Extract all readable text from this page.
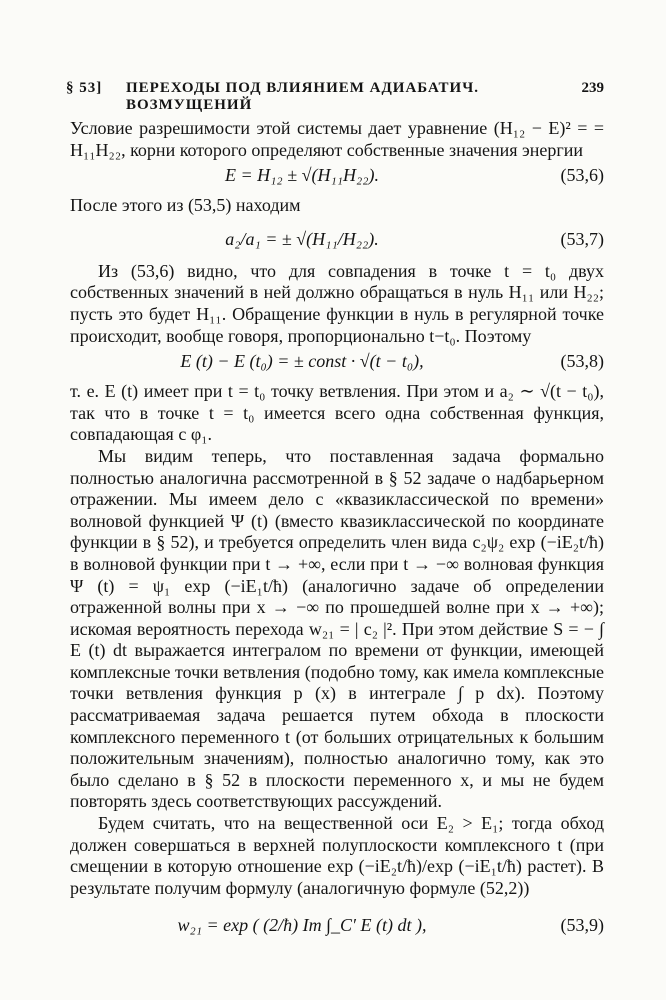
§ 53] ПЕРЕХОДЫ ПОД ВЛИЯНИЕМ АДИАБАТИЧ. ВОЗМУЩЕНИЙ
239

Условие разрешимости этой системы дает уравнение (H₁₂ − E)² = = H₁₁H₂₂, корни которого определяют собственные значения энергии

E = H₁₂ ± √(H₁₁H₂₂).	(53,6)

После этого из (53,5) находим

a₂/a₁ = ± √(H₁₁/H₂₂).	(53,7)

Из (53,6) видно, что для совпадения в точке t = t₀ двух собственных значений в ней должно обращаться в нуль H₁₁ или H₂₂; пусть это будет H₁₁. Обращение функции в нуль в регулярной точке происходит, вообще говоря, пропорционально t−t₀. Поэтому

E (t) − E (t₀) = ± const · √(t − t₀),	(53,8)

т. е. E (t) имеет при t = t₀ точку ветвления. При этом и a₂ ∼ √(t − t₀), так что в точке t = t₀ имеется всего одна собственная функция, совпадающая с φ₁.

Мы видим теперь, что поставленная задача формально полностью аналогична рассмотренной в § 52 задаче о надбарьерном отражении. Мы имеем дело с «квазиклассической по времени» волновой функцией Ψ (t) (вместо квазиклассической по координате функции в § 52), и требуется определить член вида c₂ψ₂ exp (−iE₂t/ħ) в волновой функции при t → +∞, если при t → −∞ волновая функция Ψ (t) = ψ₁ exp (−iE₁t/ħ) (аналогично задаче об определении отраженной волны при x → −∞ по прошедшей волне при x → +∞); искомая вероятность перехода w₂₁ = | c₂ |². При этом действие S = − ∫ E (t) dt выражается интегралом по времени от функции, имеющей комплексные точки ветвления (подобно тому, как имела комплексные точки ветвления функция p (x) в интеграле ∫ p dx). Поэтому рассматриваемая задача решается путем обхода в плоскости комплексного переменного t (от больших отрицательных к большим положительным значениям), полностью аналогично тому, как это было сделано в § 52 в плоскости переменного x, и мы не будем повторять здесь соответствующих рассуждений.

Будем считать, что на вещественной оси E₂ > E₁; тогда обход должен совершаться в верхней полуплоскости комплексного t (при смещении в которую отношение exp (−iE₂t/ħ)/exp (−iE₁t/ħ) растет). В результате получим формулу (аналогичную формуле (52,2))

w₂₁ = exp ( (2/ħ) Im ∫_C′ E (t) dt ),	(53,9)
